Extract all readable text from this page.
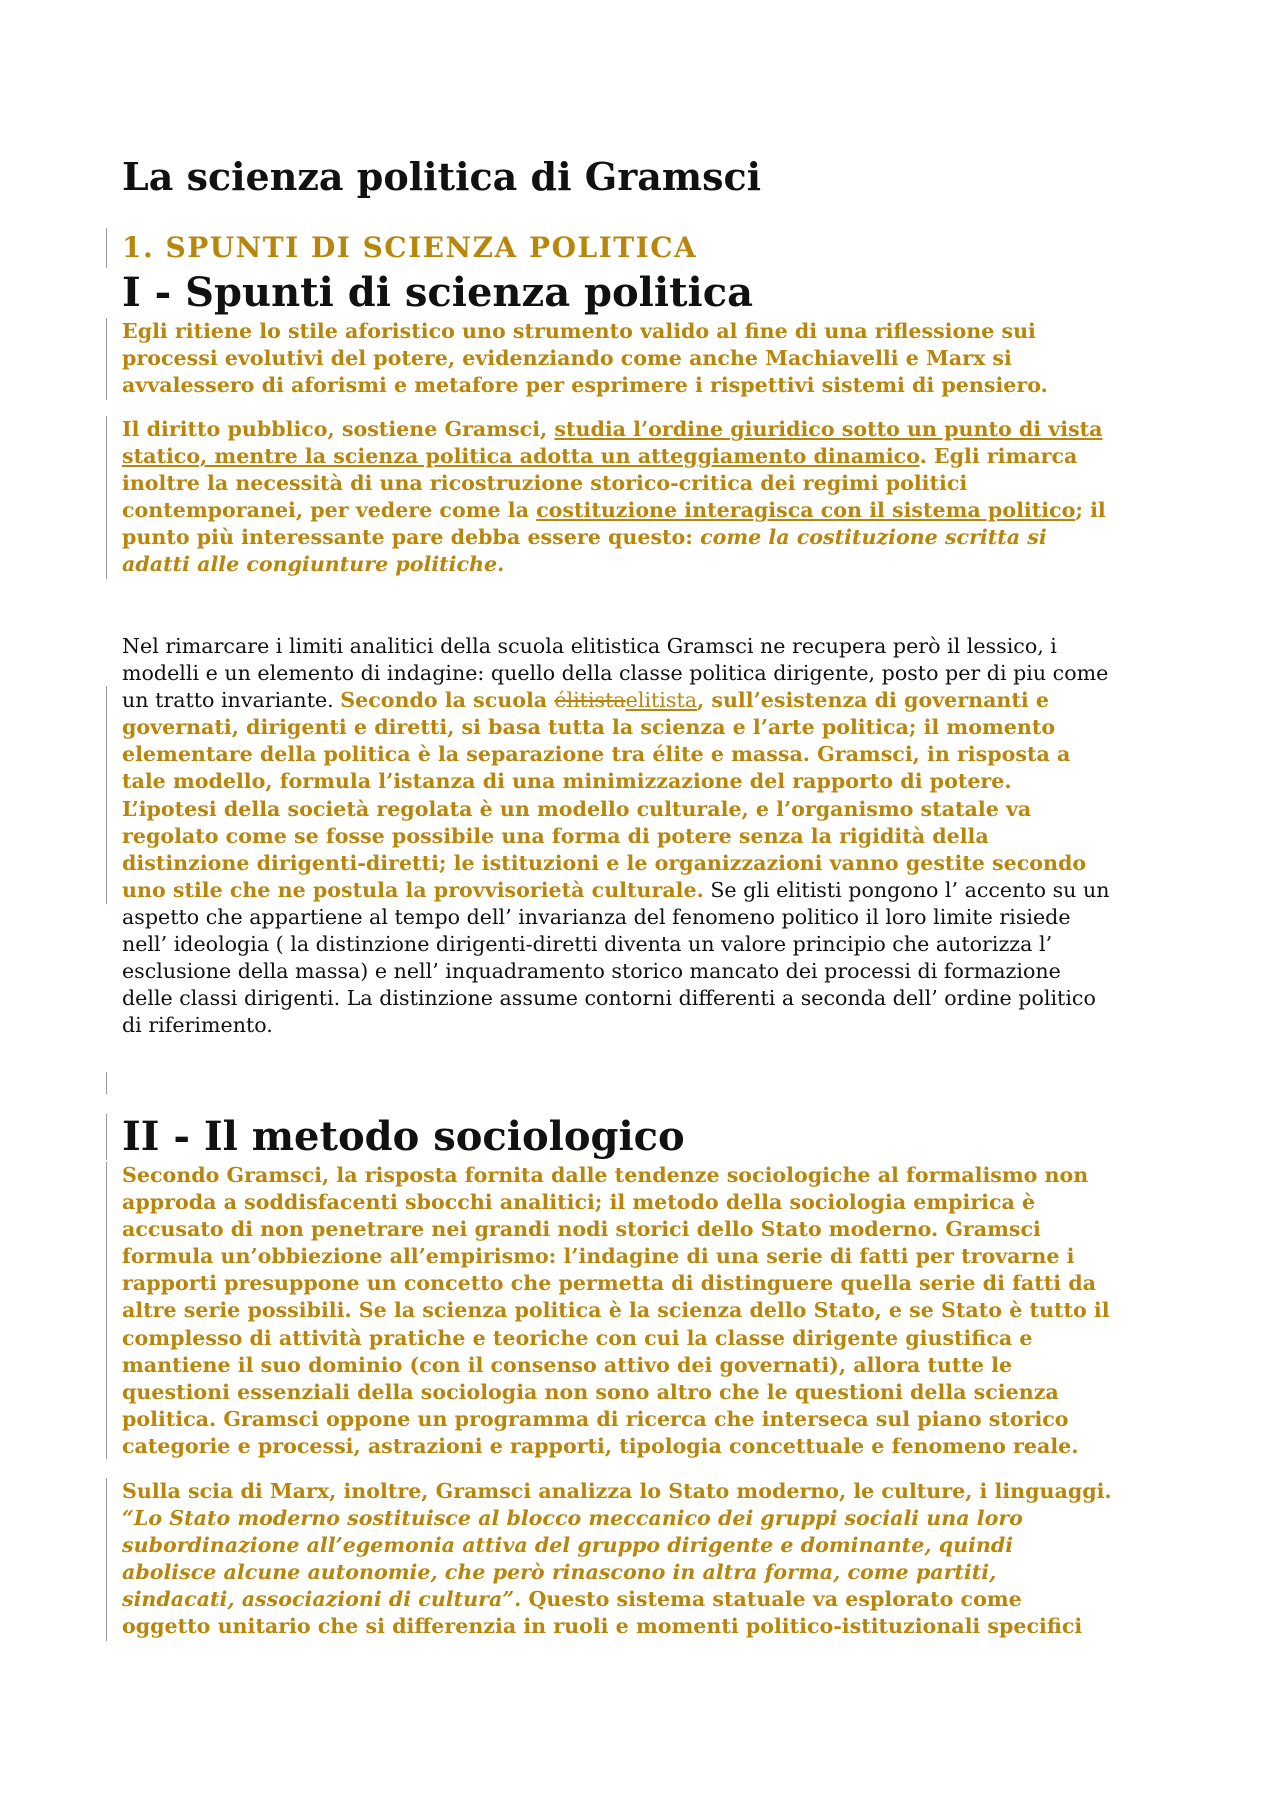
La scienza politica di Gramsci
1. SPUNTI DI SCIENZA POLITICA
I - Spunti di scienza politica

Egli ritiene lo stile aforistico uno strumento valido al fine di una riflessione sui
processi evolutivi del potere, evidenziando come anche Machiavelli e Marx si
avvalessero di aforismi e metafore per esprimere i rispettivi sistemi di pensiero.

Il diritto pubblico, sostiene Gramsci, studia l’ordine giuridico sotto un punto di vista
statico, mentre la scienza politica adotta un atteggiamento dinamico. Egli rimarca
inoltre la necessità di una ricostruzione storico-critica dei regimi politici
contemporanei, per vedere come la costituzione interagisca con il sistema politico; il
punto più interessante pare debba essere questo: come la costituzione scritta si
adatti alle congiunture politiche.

Nel rimarcare i limiti analitici della scuola elitistica Gramsci ne recupera però il lessico, i
modelli e un elemento di indagine: quello della classe politica dirigente, posto per di piu come
un tratto invariante. Secondo la scuola élitistaelitista, sull’esistenza di governanti e
governati, dirigenti e diretti, si basa tutta la scienza e l’arte politica; il momento
elementare della politica è la separazione tra élite e massa. Gramsci, in risposta a
tale modello, formula l’istanza di una minimizzazione del rapporto di potere.
L’ipotesi della società regolata è un modello culturale, e l’organismo statale va
regolato come se fosse possibile una forma di potere senza la rigidità della
distinzione dirigenti-diretti; le istituzioni e le organizzazioni vanno gestite secondo
uno stile che ne postula la provvisorietà culturale. Se gli elitisti pongono l’ accento su un
aspetto che appartiene al tempo dell’ invarianza del fenomeno politico il loro limite risiede
nell’ ideologia ( la distinzione dirigenti-diretti diventa un valore principio che autorizza l’
esclusione della massa) e nell’ inquadramento storico mancato dei processi di formazione
delle classi dirigenti. La distinzione assume contorni differenti a seconda dell’ ordine politico
di riferimento.

II - Il metodo sociologico

Secondo Gramsci, la risposta fornita dalle tendenze sociologiche al formalismo non
approda a soddisfacenti sbocchi analitici; il metodo della sociologia empirica è
accusato di non penetrare nei grandi nodi storici dello Stato moderno. Gramsci
formula un’obbiezione all’empirismo: l’indagine di una serie di fatti per trovarne i
rapporti presuppone un concetto che permetta di distinguere quella serie di fatti da
altre serie possibili. Se la scienza politica è la scienza dello Stato, e se Stato è tutto il
complesso di attività pratiche e teoriche con cui la classe dirigente giustifica e
mantiene il suo dominio (con il consenso attivo dei governati), allora tutte le
questioni essenziali della sociologia non sono altro che le questioni della scienza
politica. Gramsci oppone un programma di ricerca che interseca sul piano storico
categorie e processi, astrazioni e rapporti, tipologia concettuale e fenomeno reale.

Sulla scia di Marx, inoltre, Gramsci analizza lo Stato moderno, le culture, i linguaggi.
“Lo Stato moderno sostituisce al blocco meccanico dei gruppi sociali una loro
subordinazione all’egemonia attiva del gruppo dirigente e dominante, quindi
abolisce alcune autonomie, che però rinascono in altra forma, come partiti,
sindacati, associazioni di cultura”. Questo sistema statuale va esplorato come
oggetto unitario che si differenzia in ruoli e momenti politico-istituzionali specifici
